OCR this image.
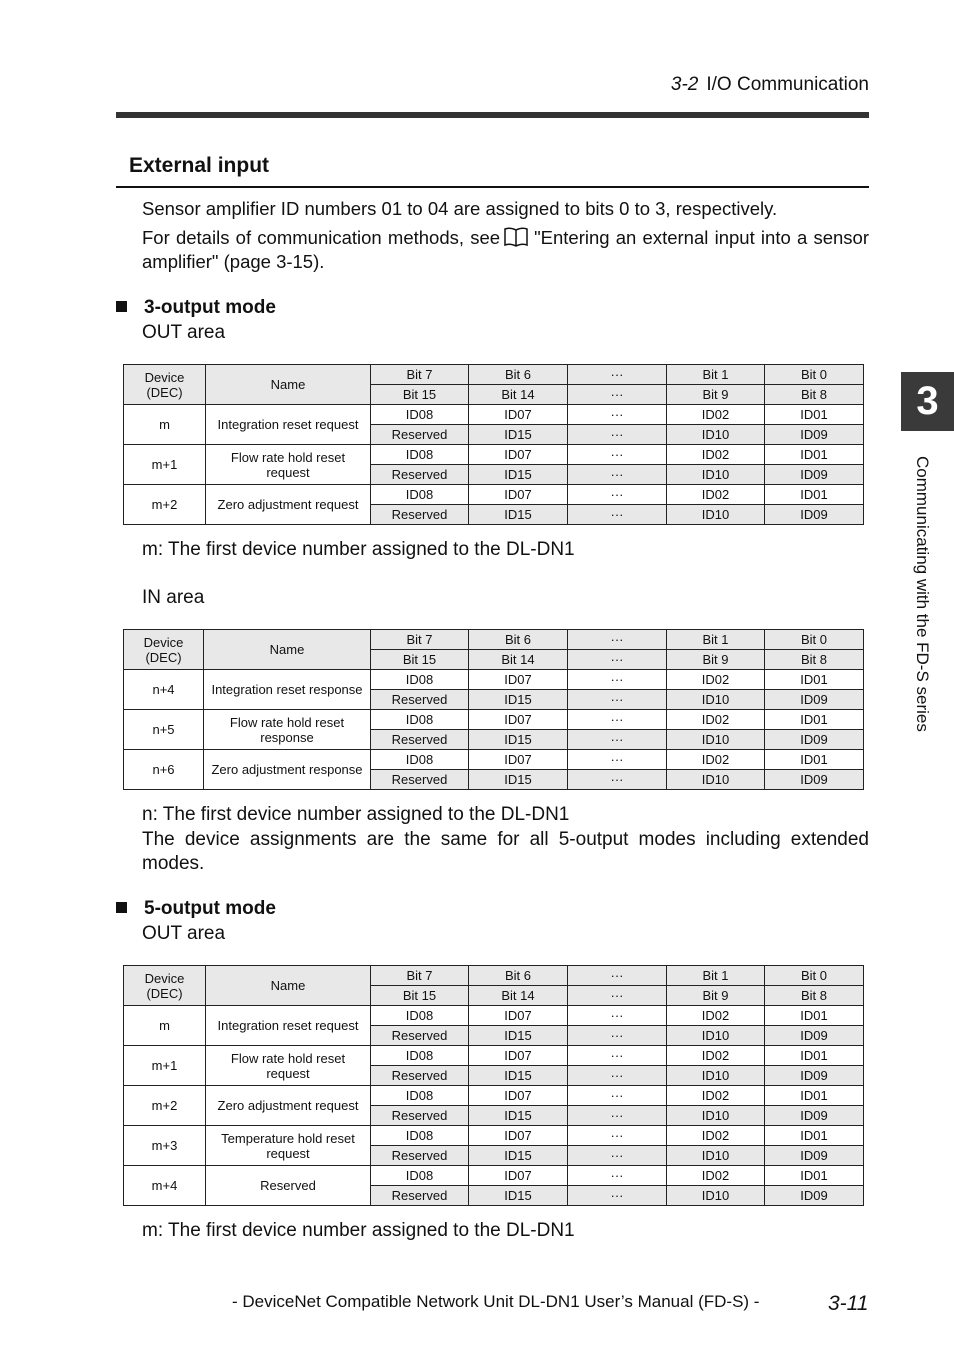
3-2 I/O Communication
External input
Sensor amplifier ID numbers 01 to 04 are assigned to bits 0 to 3, respectively.
For details of communication methods, see "Entering an external input into a sensor amplifier" (page 3-15).
3-output mode
OUT area
Device (DEC)	Name	Bit 7	Bit 6	···	Bit 1	Bit 0
		Bit 15	Bit 14	···	Bit 9	Bit 8
m	Integration reset request	ID08	ID07	···	ID02	ID01
		Reserved	ID15	···	ID10	ID09
m+1	Flow rate hold reset request	ID08	ID07	···	ID02	ID01
		Reserved	ID15	···	ID10	ID09
m+2	Zero adjustment request	ID08	ID07	···	ID02	ID01
		Reserved	ID15	···	ID10	ID09
m: The first device number assigned to the DL-DN1
IN area
Device (DEC)	Name	Bit 7	Bit 6	···	Bit 1	Bit 0
		Bit 15	Bit 14	···	Bit 9	Bit 8
n+4	Integration reset response	ID08	ID07	···	ID02	ID01
		Reserved	ID15	···	ID10	ID09
n+5	Flow rate hold reset response	ID08	ID07	···	ID02	ID01
		Reserved	ID15	···	ID10	ID09
n+6	Zero adjustment response	ID08	ID07	···	ID02	ID01
		Reserved	ID15	···	ID10	ID09
n: The first device number assigned to the DL-DN1
The device assignments are the same for all 5-output modes including extended modes.
5-output mode
OUT area
Device (DEC)	Name	Bit 7	Bit 6	···	Bit 1	Bit 0
		Bit 15	Bit 14	···	Bit 9	Bit 8
m	Integration reset request	ID08	ID07	···	ID02	ID01
		Reserved	ID15	···	ID10	ID09
m+1	Flow rate hold reset request	ID08	ID07	···	ID02	ID01
		Reserved	ID15	···	ID10	ID09
m+2	Zero adjustment request	ID08	ID07	···	ID02	ID01
		Reserved	ID15	···	ID10	ID09
m+3	Temperature hold reset request	ID08	ID07	···	ID02	ID01
		Reserved	ID15	···	ID10	ID09
m+4	Reserved	ID08	ID07	···	ID02	ID01
		Reserved	ID15	···	ID10	ID09
m: The first device number assigned to the DL-DN1
3
Communicating with the FD-S series
- DeviceNet Compatible Network Unit DL-DN1 User’s Manual (FD-S) -	3-11
